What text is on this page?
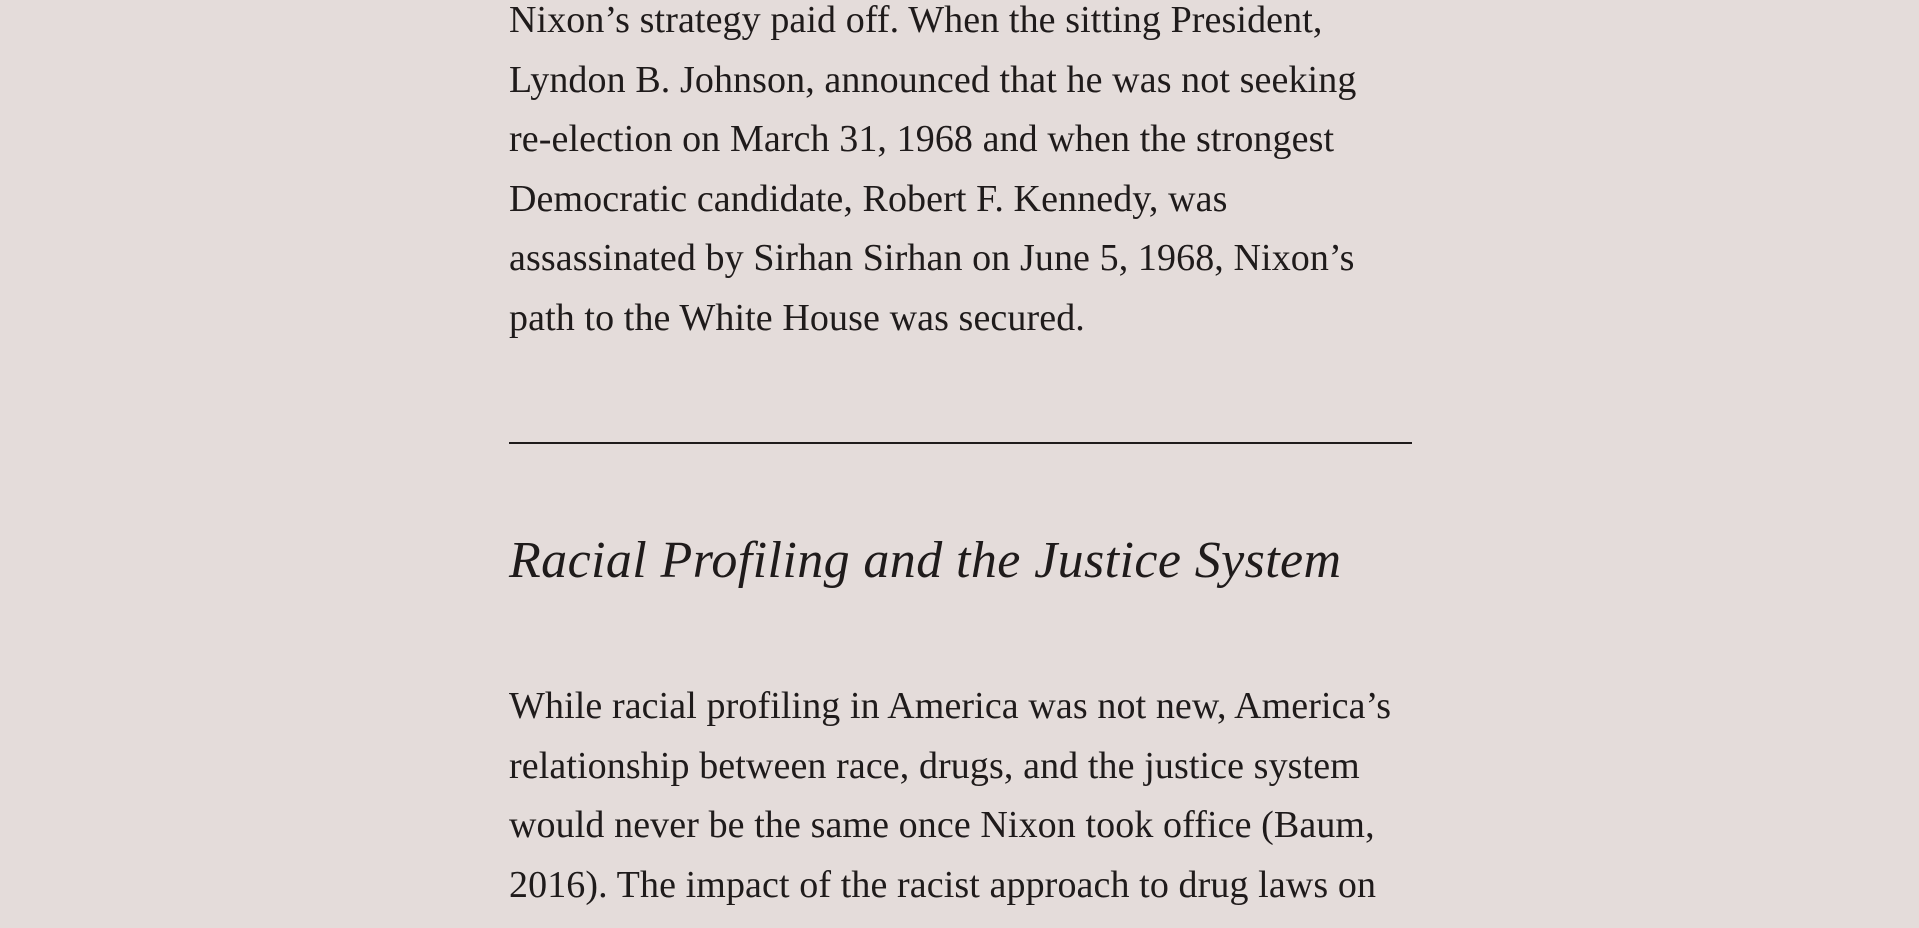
Nixon’s strategy paid off. When the sitting President,
Lyndon B. Johnson, announced that he was not seeking
re-election on March 31, 1968 and when the strongest
Democratic candidate, Robert F. Kennedy, was
assassinated by Sirhan Sirhan on June 5, 1968, Nixon’s
path to the White House was secured.

Racial Profiling and the Justice System

While racial profiling in America was not new, America’s
relationship between race, drugs, and the justice system
would never be the same once Nixon took office (Baum,
2016). The impact of the racist approach to drug laws on
